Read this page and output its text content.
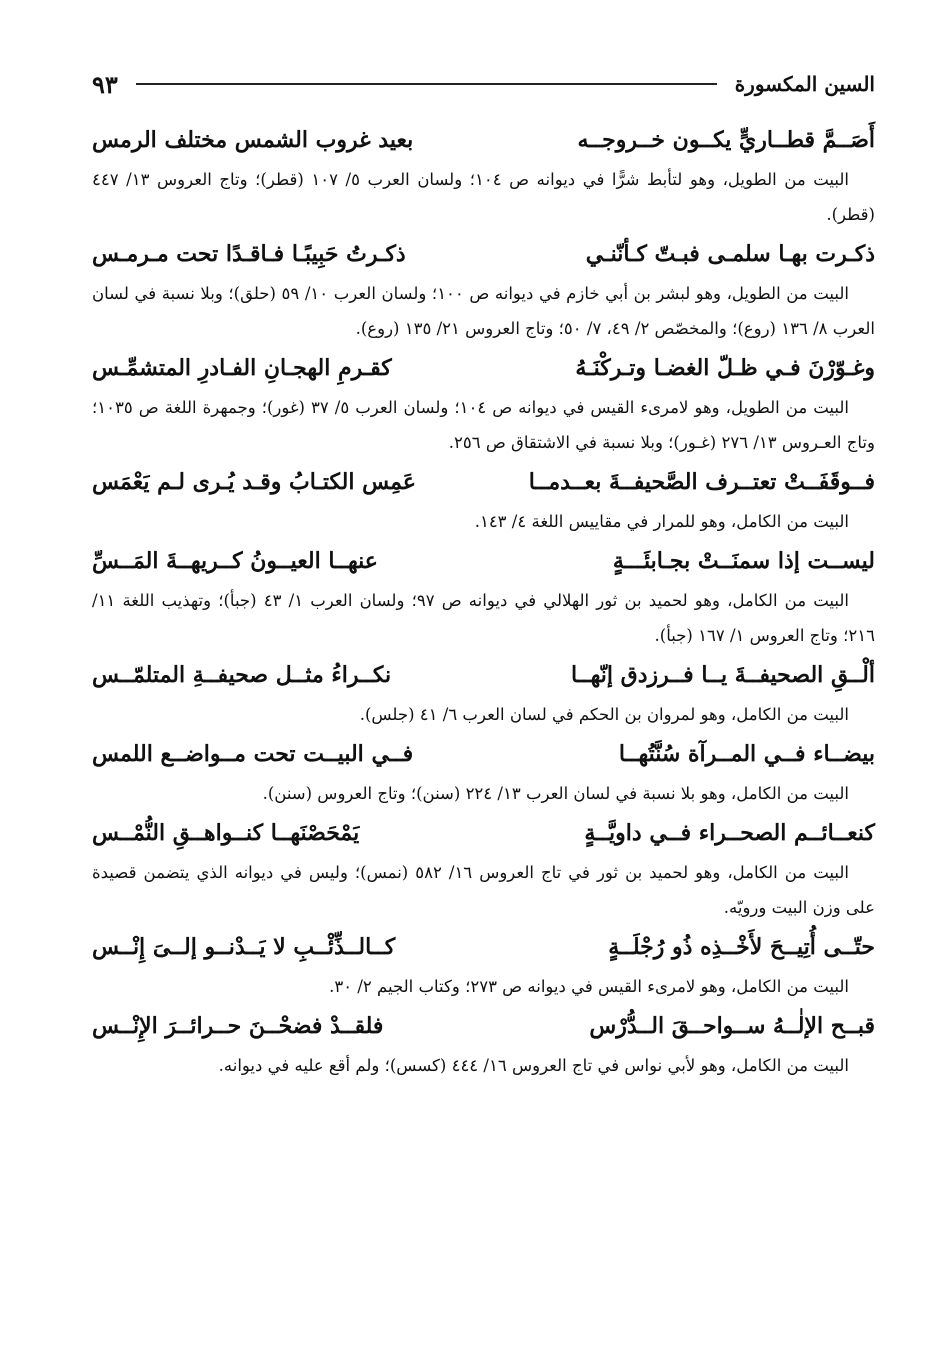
السين المكسورة
٩٣
أَصَــمَّ قطــاريٍّ يكــون خــروجــه
بعيد غروب الشمس مختلف الرمس

البيت من الطويل، وهو لتأبط شرًّا في ديوانه ص ١٠٤؛ ولسان العرب ٥/ ١٠٧ (قطر)؛ وتاج العروس ١٣/ ٤٤٧ (قطر).

ذكـرت بهـا سلمـى فبـتّ كـأنّنـي
ذكـرتُ حَبِيبًـا فـاقـدًا تحت مـرمـس

البيت من الطويل، وهو لبشر بن أبي خازم في ديوانه ص ١٠٠؛ ولسان العرب ١٠/ ٥٩ (حلق)؛ وبلا نسبة في لسان العرب ٨/ ١٣٦ (روع)؛ والمخصّص ٢/ ٤٩، ٧/ ٥٠؛ وتاج العروس ٢١/ ١٣٥ (روع).

وغـوّرْنَ فـي ظـلّ الغضـا وتـركْنَـهُ
كقـرمِ الهجـانِ الفـادرِ المتشمِّـس

البيت من الطويل، وهو لامرىء القيس في ديوانه ص ١٠٤؛ ولسان العرب ٥/ ٣٧ (غور)؛ وجمهرة اللغة ص ١٠٣٥؛ وتاج العـروس ١٣/ ٢٧٦ (غـور)؛ وبلا نسبة في الاشتقاق ص ٢٥٦.

فــوقَفَــتْ تعتــرف الصَّحيفــةَ بعــدمــا
عَمِس الكتـابُ وقـد يُـرى لـم يَعْمَس

البيت من الكامل، وهو للمرار في مقاييس اللغة ٤/ ١٤٣.

ليســت إذا سمنَــتْ بجـابئَـــةٍ
عنهــا العيــونُ كــريهــةَ المَــسِّ

البيت من الكامل، وهو لحميد بن ثور الهلالي في ديوانه ص ٩٧؛ ولسان العرب ١/ ٤٣ (جبأ)؛ وتهذيب اللغة ١١/ ٢١٦؛ وتاج العروس ١/ ١٦٧ (جبأ).

ألْــقِ الصحيفــةَ يــا فــرزدق إنّهــا
نكــراءُ مثــل صحيفــةِ المتلمّــس

البيت من الكامل، وهو لمروان بن الحكم في لسان العرب ٦/ ٤١ (جلس).

بيضــاء فــي المــرآة سُنَّتُهــا
فــي البيــت تحت مــواضــع اللمس

البيت من الكامل، وهو بلا نسبة في لسان العرب ١٣/ ٢٢٤ (سنن)؛ وتاج العروس (سنن).

كنعــائــم الصحــراء فــي داويَّــةٍ
يَمْحَصْنَهــا كنــواهــقِ النُّمْــس

البيت من الكامل، وهو لحميد بن ثور في تاج العروس ١٦/ ٥٨٢ (نمس)؛ وليس في ديوانه الذي يتضمن قصيدة على وزن البيت ورويّه.

حتّــى أُتِيــحَ لأَخْــذِه ذُو رُجْلَــةٍ
كــالــذِّئْــبِ لا يَــدْنــو إلــىَ إِنْــس

البيت من الكامل، وهو لامرىء القيس في ديوانه ص ٢٧٣؛ وكتاب الجيم ٢/ ٣٠.

قبــح الإلٰــهُ ســواحــقَ الــدُّرْس
فلقــدْ فضحْــنَ حــرائــرَ الإِنْــس

البيت من الكامل، وهو لأبي نواس في تاج العروس ١٦/ ٤٤٤ (كسس)؛ ولم أقع عليه في ديوانه.
